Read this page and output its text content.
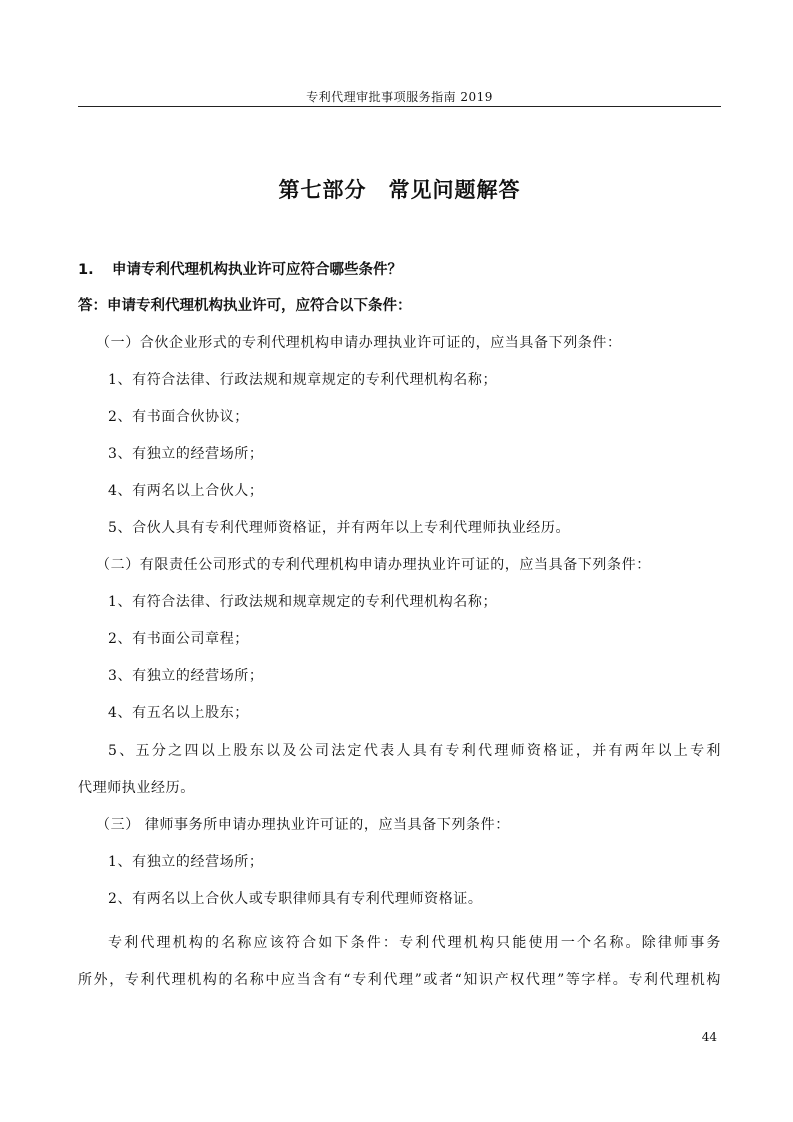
专利代理审批事项服务指南 2019
第七部分　常见问题解答
1. 申请专利代理机构执业许可应符合哪些条件？
答：申请专利代理机构执业许可，应符合以下条件：
（一）合伙企业形式的专利代理机构申请办理执业许可证的，应当具备下列条件：
1、有符合法律、行政法规和规章规定的专利代理机构名称；
2、有书面合伙协议；
3、有独立的经营场所；
4、有两名以上合伙人；
5、合伙人具有专利代理师资格证，并有两年以上专利代理师执业经历。
（二）有限责任公司形式的专利代理机构申请办理执业许可证的，应当具备下列条件：
1、有符合法律、行政法规和规章规定的专利代理机构名称；
2、有书面公司章程；
3、有独立的经营场所；
4、有五名以上股东；
5、五分之四以上股东以及公司法定代表人具有专利代理师资格证，并有两年以上专利
代理师执业经历。
（三） 律师事务所申请办理执业许可证的，应当具备下列条件：
1、有独立的经营场所；
2、有两名以上合伙人或专职律师具有专利代理师资格证。
专利代理机构的名称应该符合如下条件：专利代理机构只能使用一个名称。除律师事务
所外，专利代理机构的名称中应当含有“专利代理”或者“知识产权代理”等字样。专利代理机构
44
